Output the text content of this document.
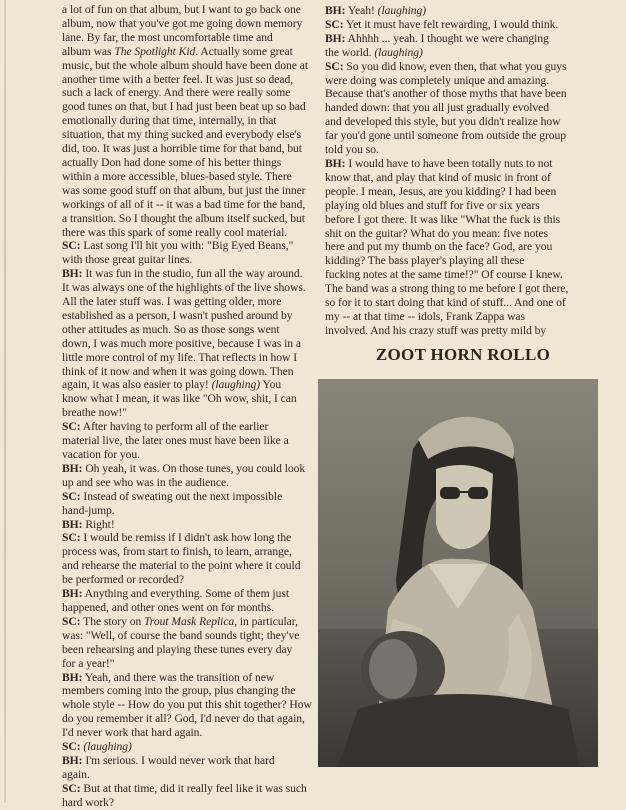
a lot of fun on that album, but I want to go back one
album, now that you've got me going down memory
lane. By far, the most uncomfortable time and
album was The Spotlight Kid. Actually some great
music, but the whole album should have been done at
another time with a better feel. It was just so dead,
such a lack of energy. And there were really some
good tunes on that, but I had just been beat up so bad
emotionally during that time, internally, in that
situation, that my thing sucked and everybody else's
did, too. It was just a horrible time for that band, but
actually Don had done some of his better things
within a more accessible, blues-based style. There
was some good stuff on that album, but just the inner
workings of all of it -- it was a bad time for the band,
a transition. So I thought the album itself sucked, but
there was this spark of some really cool material.
SC: Last song I'll hit you with: "Big Eyed Beans,"
with those great guitar lines.
BH: It was fun in the studio, fun all the way around.
It was always one of the highlights of the live shows.
All the later stuff was. I was getting older, more
established as a person, I wasn't pushed around by
other attitudes as much. So as those songs went
down, I was much more positive, because I was in a
little more control of my life. That reflects in how I
think of it now and when it was going down. Then
again, it was also easier to play! (laughing) You
know what I mean, it was like "Oh wow, shit, I can
breathe now!"
SC: After having to perform all of the earlier
material live, the later ones must have been like a
vacation for you.
BH: Oh yeah, it was. On those tunes, you could look
up and see who was in the audience.
SC: Instead of sweating out the next impossible
hand-jump.
BH: Right!
SC: I would be remiss if I didn't ask how long the
process was, from start to finish, to learn, arrange,
and rehearse the material to the point where it could
be performed or recorded?
BH: Anything and everything. Some of them just
happened, and other ones went on for months.
SC: The story on Trout Mask Replica, in particular,
was: "Well, of course the band sounds tight; they've
been rehearsing and playing these tunes every day
for a year!"
BH: Yeah, and there was the transition of new
members coming into the group, plus changing the
whole style -- How do you put this shit together? How
do you remember it all? God, I'd never do that again,
I'd never work that hard again.
SC: (laughing)
BH: I'm serious. I would never work that hard
again.
SC: But at that time, did it really feel like it was such
hard work?
BH: Yeah! (laughing)
SC: Yet it must have felt rewarding, I would think.
BH: Ahhhh ... yeah. I thought we were changing
the world. (laughing)
SC: So you did know, even then, that what you guys
were doing was completely unique and amazing.
Because that's another of those myths that have been
handed down: that you all just gradually evolved
and developed this style, but you didn't realize how
far you'd gone until someone from outside the group
told you so.
BH: I would have to have been totally nuts to not
know that, and play that kind of music in front of
people. I mean, Jesus, are you kidding? I had been
playing old blues and stuff for five or six years
before I got there. It was like "What the fuck is this
shit on the guitar? What do you mean: five notes
here and put my thumb on the face? God, are you
kidding? The bass player's playing all these
fucking notes at the same time!?" Of course I knew.
The band was a strong thing to me before I got there,
so for it to start doing that kind of stuff... And one of
my -- at that time -- idols, Frank Zappa was
involved. And his crazy stuff was pretty mild by
ZOOT HORN ROLLO
